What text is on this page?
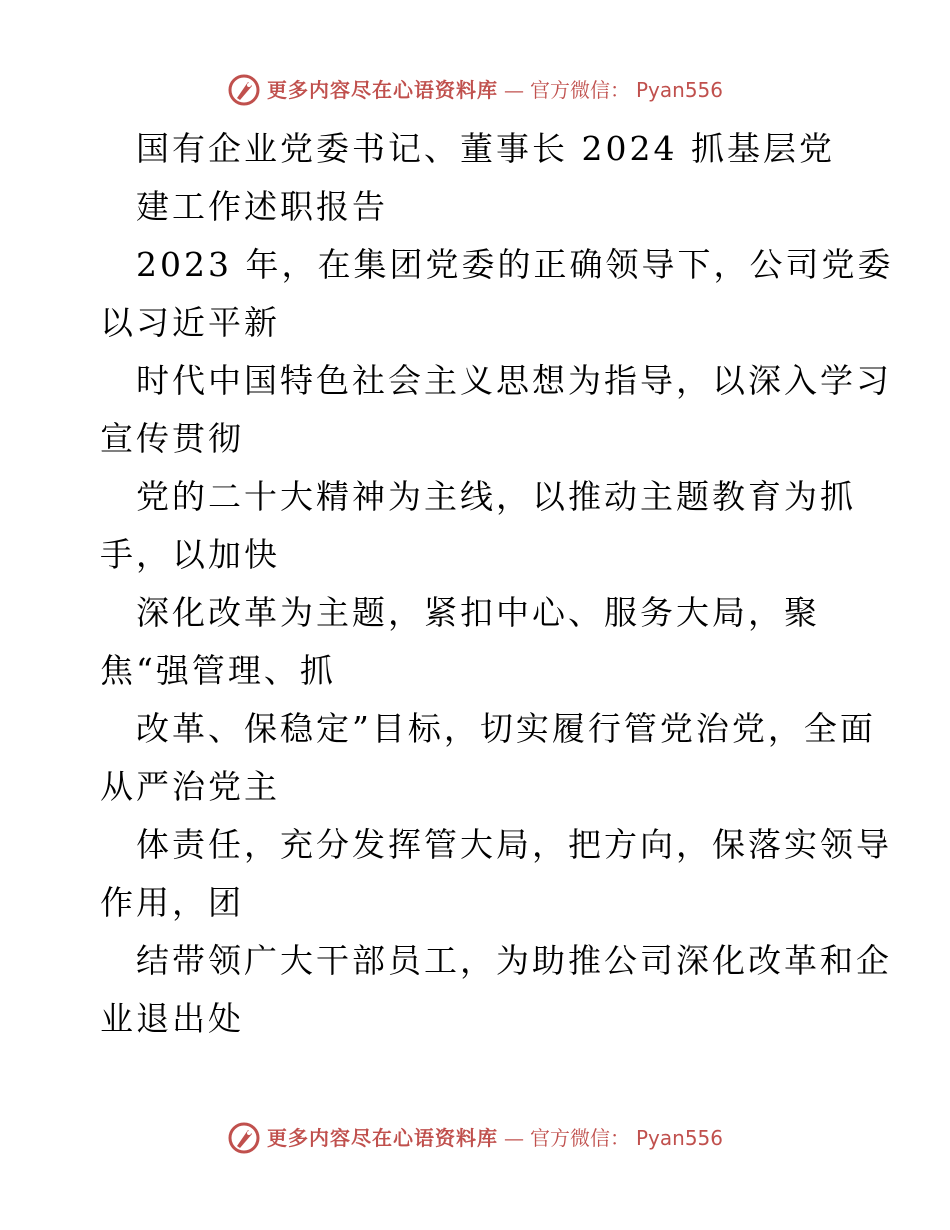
更多内容尽在心语资料库 — 官方微信： Pyan556
国有企业党委书记、董事长 2024 抓基层党
建工作述职报告
2023 年，在集团党委的正确领导下，公司党委
以习近平新
时代中国特色社会主义思想为指导，以深入学习
宣传贯彻
党的二十大精神为主线，以推动主题教育为抓
手，以加快
深化改革为主题，紧扣中心、服务大局，聚
焦“强管理、抓
改革、保稳定”目标，切实履行管党治党，全面
从严治党主
体责任，充分发挥管大局，把方向，保落实领导
作用，团
结带领广大干部员工，为助推公司深化改革和企
业退出处
更多内容尽在心语资料库 — 官方微信： Pyan556
